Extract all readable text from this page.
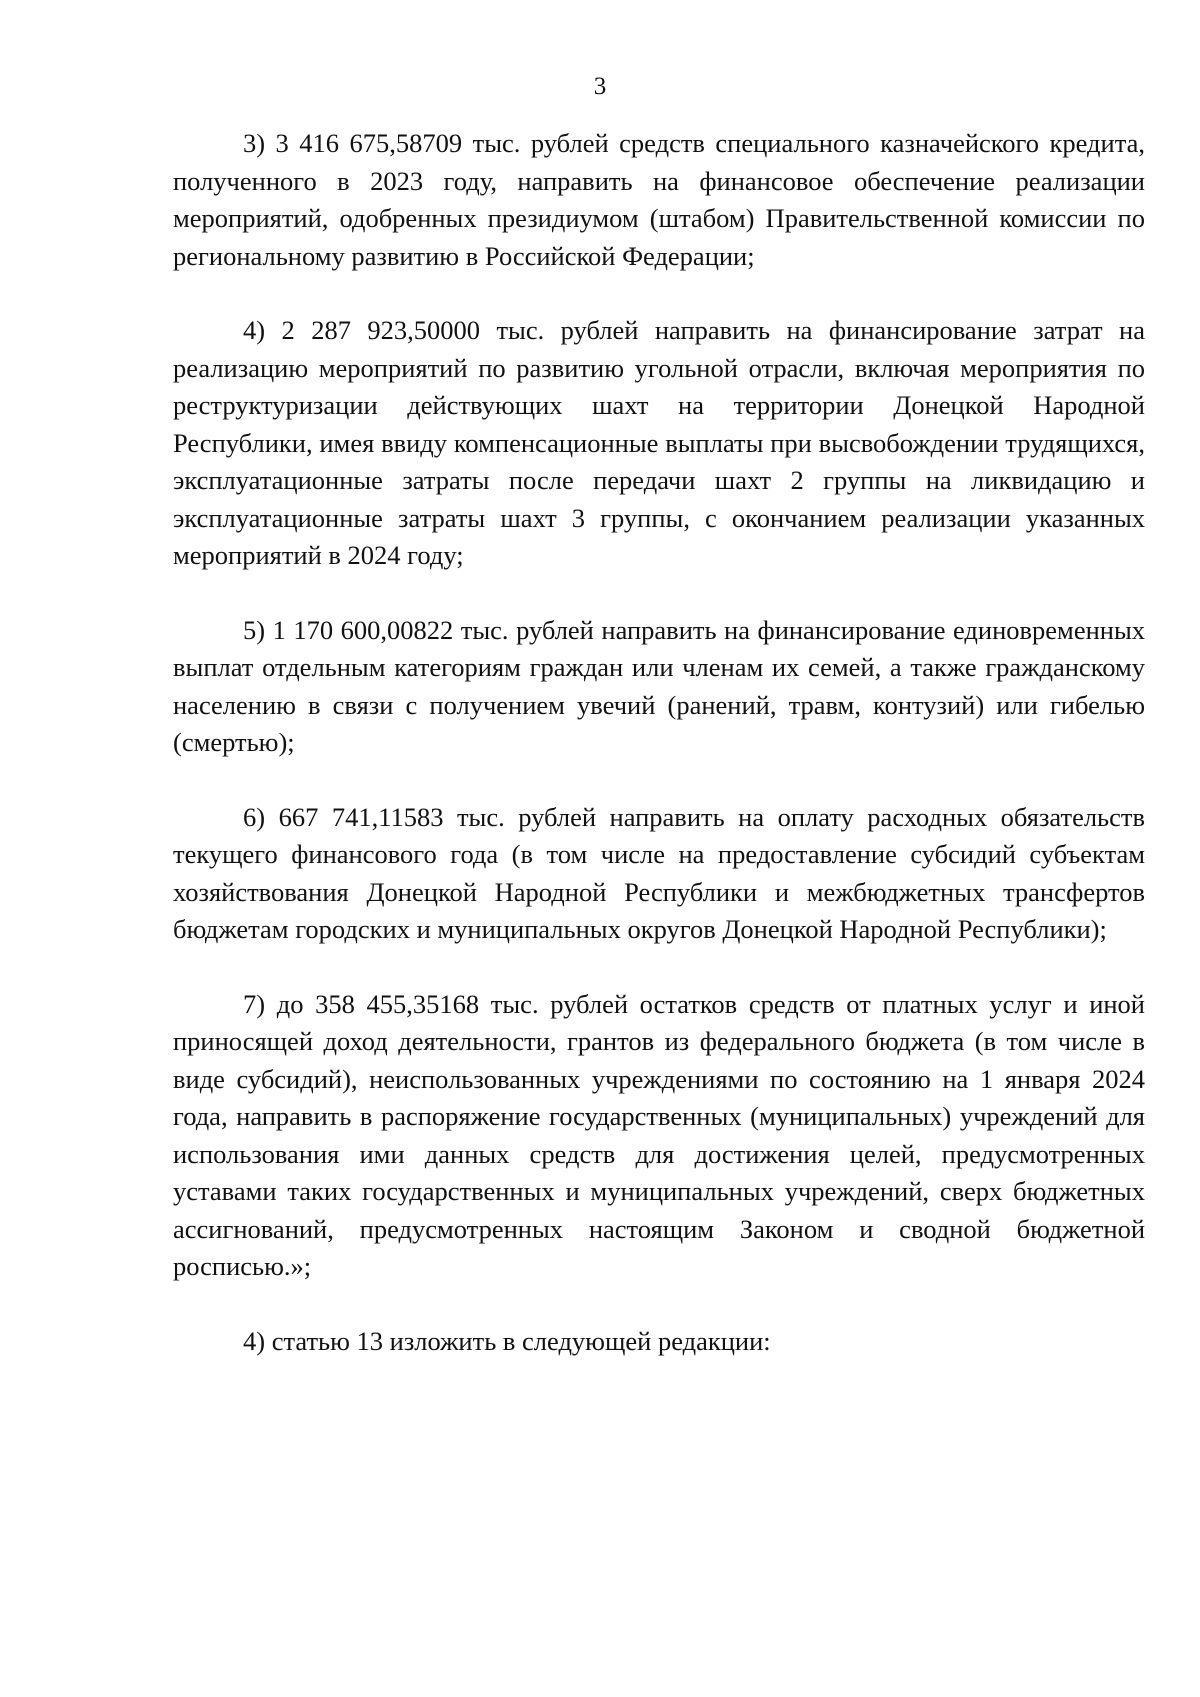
3

3) 3 416 675,58709 тыс. рублей средств специального казначейского кредита, полученного в 2023 году, направить на финансовое обеспечение реализации мероприятий, одобренных президиумом (штабом) Правительственной комиссии по региональному развитию в Российской Федерации;

4) 2 287 923,50000 тыс. рублей направить на финансирование затрат на реализацию мероприятий по развитию угольной отрасли, включая мероприятия по реструктуризации действующих шахт на территории Донецкой Народной Республики, имея ввиду компенсационные выплаты при высвобождении трудящихся, эксплуатационные затраты после передачи шахт 2 группы на ликвидацию и эксплуатационные затраты шахт 3 группы, с окончанием реализации указанных мероприятий в 2024 году;

5) 1 170 600,00822 тыс. рублей направить на финансирование единовременных выплат отдельным категориям граждан или членам их семей, а также гражданскому населению в связи с получением увечий (ранений, травм, контузий) или гибелью (смертью);

6) 667 741,11583 тыс. рублей направить на оплату расходных обязательств текущего финансового года (в том числе на предоставление субсидий субъектам хозяйствования Донецкой Народной Республики и межбюджетных трансфертов бюджетам городских и муниципальных округов Донецкой Народной Республики);

7) до 358 455,35168 тыс. рублей остатков средств от платных услуг и иной приносящей доход деятельности, грантов из федерального бюджета (в том числе в виде субсидий), неиспользованных учреждениями по состоянию на 1 января 2024 года, направить в распоряжение государственных (муниципальных) учреждений для использования ими данных средств для достижения целей, предусмотренных уставами таких государственных и муниципальных учреждений, сверх бюджетных ассигнований, предусмотренных настоящим Законом и сводной бюджетной росписью.»;

4) статью 13 изложить в следующей редакции:
